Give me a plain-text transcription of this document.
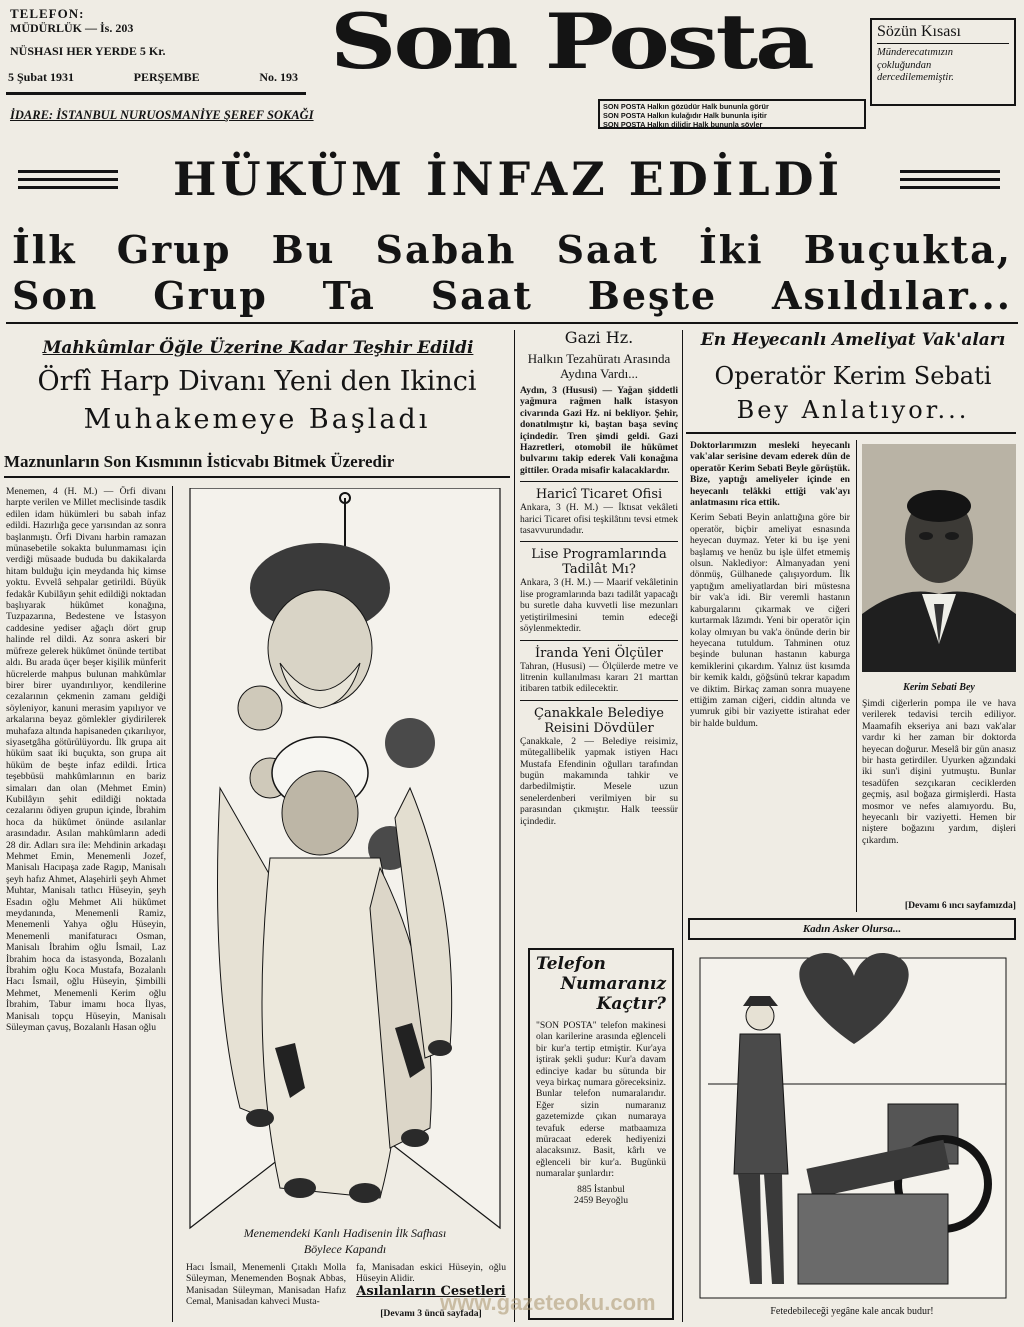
TELEFON:
MÜDÜRLÜK — İs. 203
NÜSHASI HER YERDE 5 Kr.
5 Şubat 1931	PERŞEMBE	No. 193 Son Posta
İDARE: İSTANBUL NURUOSMANİYE ŞEREF SOKAĞI
SON POSTA Halkın gözüdür Halk bununla görür
SON POSTA Halkın kulağıdır Halk bununla işitir
SON POSTA Halkın dilidir Halk bununla söyler
Sözün Kısası
Münderecatımızın çokluğundan dercedilememiştir.
HÜKÜM İNFAZ EDİLDİ
İlk Grup Bu Sabah Saat İki Buçukta,
Son Grup Ta Saat Beşte Asıldılar...
Mahkûmlar Öğle Üzerine Kadar Teşhir Edildi
Örfî Harp Divanı Yeni den Ikinci
Muhakemeye Başladı
Maznunların Son Kısmının İsticvabı Bitmek Üzeredir
Menemen, 4 (H. M.) — Örfi divanı harpte verilen ve Millet meclisinde tasdik edilen idam hükümleri bu sabah infaz edildi. Hazırlığa gece yarısından az sonra başlanmıştı. Örfi Divanı harbin ramazan münasebetile sokakta bulunmaması için verdiği müsaade bududa bu dakikalarda hitam bulduğu için meydanda hiç kimse yoktu. Evvelâ sehpalar getirildi. Büyük fedakâr Kubilâyın şehit edildiği noktadan başlıyarak hükûmet konağına, Tuzpazarına, Bedestene ve İstasyon caddesine yediser ağaçlı dört grup halinde rel dildi. Az sonra askeri bir müfreze gelerek hükûmet önünde tertibat aldı. Bu arada üçer beşer kişilik münferit hücrelerde mahpus bulunan mahkûmlar birer birer uyandırılıyor, kendilerine cezalarının çekmenin zamanı geldiği söyleniyor, kanuni merasim yapılıyor ve arkalarına beyaz gömlekler giydirilerek muhafaza altında hapisaneden çıkarılıyor, siyasetgâha götürülüyordu. İlk grupa ait hüküm saat iki buçukta, son grupa ait hüküm de beşte infaz edildi. İrtica teşebbüsü mahkûmlarının en bariz simaları dan olan (Mehmet Emin) Kubilâyın şehit edildiği noktada cezalarını ödiyen grupun içinde, İbrahim hoca da hükûmet önünde asılanlar arasındadır. Asılan mahkûmların adedi 28 dir. Adları sıra ile: Mehdinin arkadaşı Mehmet Emin, Menemenli Jozef, Manisalı Hacıpaşa zade Ragıp, Manisalı şeyh hafız Ahmet, Alaşehirli şeyh Ahmet Muhtar, Manisalı tatlıcı Hüseyin, şeyh Esadın oğlu Mehmet Ali hükûmet meydanında, Menemenli Ramiz, Menemenli Yahya oğlu Hüseyin, Menemenli manifaturacı Osman, Manisalı İbrahim oğlu İsmail, Laz İbrahim hoca da istasyonda, Bozalanlı İbrahim oğlu Koca Mustafa, Bozalanlı Hacı İsmail, oğlu Hüseyin, Şimbilli Mehmet, Menemenli Kerim oğlu İbrahim, Tabur imamı hoca İlyas, Manisalı topçu Hüseyin, Manisalı Süleyman çavuş, Bozalanlı Hasan oğlu
Menemendeki Kanlı Hadisenin İlk Safhası
Böylece Kapandı
Hacı İsmail, Menemenli Çıtaklı Molla Süleyman, Menemenden Boşnak Abbas, Manisadan Süleyman, Manisadan Hafız Cemal, Manisadan kahveci Musta-
fa, Manisadan eskici Hüseyin, oğlu Hüseyin Alidir.
Asılanların Cesetleri
[Devamı 3 üncü sayfada]
Gazi Hz.
Halkın Tezahüratı Arasında Aydına Vardı...
Aydın, 3 (Hususi) — Yağan şiddetli yağmura rağmen halk istasyon civarında Gazi Hz. ni bekliyor. Şehir, donatılmıştır ki, baştan başa sevinç içindedir. Tren şimdi geldi. Gazi Hazretleri, otomobil ile hükümet bulvarını takip ederek Vali konağına gittiler. Orada misafir kalacaklardır.
Haricî Ticaret Ofisi
Ankara, 3 (H. M.) — İktısat vekâleti harici Ticaret ofisi teşkilâtını tevsi etmek tasavvurundadır.
Lise Programlarında Tadilât Mı?
Ankara, 3 (H. M.) — Maarif vekâletinin lise programlarında bazı tadilât yapacağı bu suretle daha kuvvetli lise mezunları yetiştirilmesini temin edeceği söylenmektedir.
İranda Yeni Ölçüler
Tahran, (Hususi) — Ölçülerde metre ve litrenin kullanılması kararı 21 marttan itibaren tatbik edilecektir.
Çanakkale Belediye Reisini Dövdüler
Çanakkale, 2 — Belediye reisimiz, mütegallibelik yapmak istiyen Hacı Mustafa Efendinin oğulları tarafından bugün makamında tahkir ve darbedilmiştir. Mesele uzun senelerdenberi verilmiyen bir su parasından çıkmıştır. Halk teessür içindedir.
Telefon
Numaranız
Kaçtır?
"SON POSTA" telefon makinesi olan karilerine arasında eğlenceli bir kur'a tertip etmiştir. Kur'aya iştirak şekli şudur: Kur'a davam edinciye kadar bu sütunda bir veya birkaç numara göreceksiniz. Bunlar telefon numaralarıdır. Eğer sizin numaranız gazetemizde çıkan numaraya tevafuk ederse matbaamıza müracaat ederek hediyenizi alacaksınız. Basit, kârlı ve eğlenceli bir kur'a. Bugünkü numaralar şunlardır:
885 İstanbul
2459 Beyoğlu
En Heyecanlı Ameliyat Vak'aları
Operatör Kerim Sebati
Bey Anlatıyor...
Doktorlarımızın mesleki heyecanlı vak'alar serisine devam ederek dün de operatör Kerim Sebati Beyle görüştük. Bize, yaptığı ameliyeler içinde en heyecanlı telâkki ettiği vak'ayı anlatmasını rica ettik.
Kerim Sebati Beyin anlattığına göre bir operatör, biçbir ameliyat esnasında heyecan duymaz. Yeter ki bu işe yeni başlamış ve henüz bu işle ülfet etmemiş olsun. Naklediyor: Almanyadan yeni dönmüş, Gülhanede çalışıyordum. İlk yaptığım ameliyatlardan biri müstesna bir vak'a idi. Bir veremli hastanın kaburgalarını çıkarmak ve ciğeri kurtarmak lâzımdı. Yeni bir operatör için kolay olmıyan bu vak'a önünde derin bir heyecana tutuldum. Tahminen otuz beşinde bulunan hastanın kaburga kemiklerini çıkardım. Yalnız üst kısımda bir kemik kaldı, göğsünü tekrar kapadım ve diktim. Birkaç zaman sonra muayene ettiğim zaman ciğeri, ciddin altında ve yumruk gibi bir vaziyette istirahat eder bir halde buldum.
Kerim Sebati Bey
Şimdi ciğerlerin pompa ile ve hava verilerek tedavisi tercih ediliyor. Maamafih ekseriya ani bazı vak'alar vardır ki her zaman bir doktorda heyecan doğurur. Meselâ bir gün anasız bir hasta getirdiler. Uyurken ağzındaki iki sun'i dişini yutmuştu. Bunlar tesadüfen sezçıkaran ceciklerden geçmiş, asıl boğaza girmişlerdi. Hasta mosmor ve nefes alamıyordu. Bu, heyecanlı bir vaziyetti. Hemen bir niştere boğazını yardım, dişleri çıkardım.
[Devamı 6 ıncı sayfamızda]
Kadın Asker Olursa...
Fetedebileceği yegâne kale ancak budur!
www.gazeteoku.com
